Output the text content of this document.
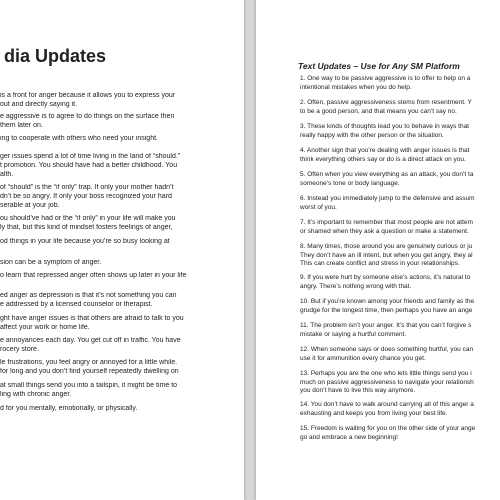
dia Updates
is a front for anger because it allows you to express your
out and directly saying it.
e aggressive is to agree to do things on the surface then
them later on.
ing to cooperate with others who need your insight.
ger issues spend a lot of time living in the land of “should.”
t promotion. You should have had a better childhood. You
alth.
of “should” is the “if only” trap. If only your mother hadn’t
dn’t be so angry. If only your boss recognized your hard
serable at your job.
ou should’ve had or the “if only” in your life will make you
ly that, but this kind of mindset fosters feelings of anger,
od things in your life because you’re so busy looking at
sion can be a symptom of anger.
o learn that repressed anger often shows up later in your life
ed anger as depression is that it’s not something you can
e addressed by a licensed counselor or therapist.
ght have anger issues is that others are afraid to talk to you
affect your work or home life.
e annoyances each day. You get cut off in traffic. You have
rocery store.
le frustrations, you feel angry or annoyed for a little while.
for long and you don’t find yourself repeatedly dwelling on
at small things send you into a tailspin, it might be time to
ling with chronic anger.
d for you mentally, emotionally, or physically.
Text Updates – Use for Any SM Platform
1. One way to be passive aggressive is to offer to help on a
intentional mistakes when you do help.
2. Often, passive aggressiveness stems from resentment. Y
to be a good person, and that means you can’t say no.
3. These kinds of thoughts lead you to behave in ways that
really happy with the other person or the situation.
4. Another sign that you’re dealing with anger issues is that
think everything others say or do is a direct attack on you.
5. Often when you view everything as an attack, you don’t ta
someone’s tone or body language.
6. Instead you immediately jump to the defensive and assum
worst of you.
7. It’s important to remember that most people are not attem
or shamed when they ask a question or make a statement.
8. Many times, those around you are genuinely curious or ju
They don’t have an ill intent, but when you get angry, they al
This can create conflict and stress in your relationships.
9. If you were hurt by someone else’s actions, it’s natural to
angry. There’s nothing wrong with that.
10. But if you’re known among your friends and family as the
grudge for the longest time, then perhaps you have an ange
11. The problem isn’t your anger. It’s that you can’t forgive s
mistake or saying a hurtful comment.
12. When someone says or does something hurtful, you can
use it for ammunition every chance you get.
13. Perhaps you are the one who lets little things send you i
much on passive aggressiveness to navigate your relationsh
you don’t have to live this way anymore.
14. You don’t have to walk around carrying all of this anger a
exhausting and keeps you from living your best life.
15. Freedom is waiting for you on the other side of your ange
go and embrace a new beginning!
